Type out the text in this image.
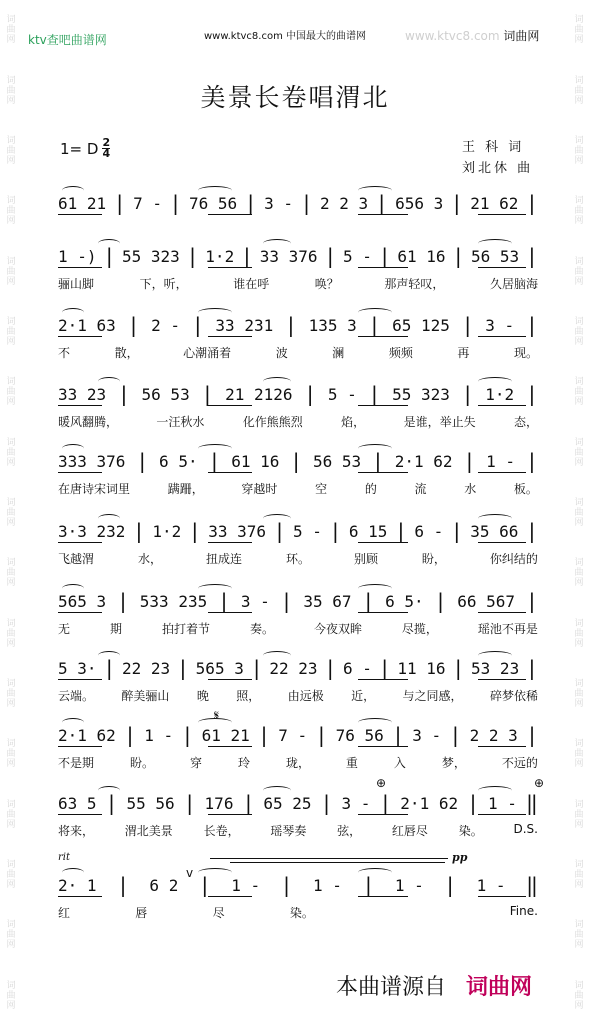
词
曲
网
词
曲
网
词
曲
网
词
曲
网
词
曲
网
词
曲
网
词
曲
网
词
曲
网
词
曲
网
词
曲
网
词
曲
网
词
曲
网
词
曲
网
词
曲
网
词
曲
网
词
曲
网
词
曲
网
词
曲
网
词
曲
网
词
曲
网
词
曲
网
词
曲
网
词
曲
网
词
曲
网
词
曲
网
词
曲
网
词
曲
网
词
曲
网
词
曲
网
词
曲
网
词
曲
网
词
曲
网
词
曲
网
词
曲
网
ktv查吧曲谱网	www.ktvc8.com 中国最大的曲谱网	www.ktvc8.com 词曲网
美景长卷唱渭北
1= D $\frac{2}{4}$	王 科 词
刘北休 曲
61 21 | 7 - | 76 56 | 3 - | 2 2 3 | 656 3 | 21 62 |
1 -) | 55 323 | 1·2 | 33 376 | 5 - | 61 16 | 56 53 |
骊山脚	下，听，	谁在呼	唤？	那声轻叹，	久居脑海
2·1 63 | 2 - | 33 231 | 135 3 | 65 125 | 3 - |
不	散，	心潮涌着	波	澜	频频	再	现。
33 23 | 56 53 | 21 2126 | 5 - | 55 323 | 1·2 |
暖风翻腾，	一汪秋水	化作熊熊烈	焰，	是谁，举止失	态，
333 376 | 6 5· | 61 16 | 56 53 | 2·1 62 | 1 - |
在唐诗宋词里	蹒跚，	穿越时	空	的	流	水	板。
3·3 232 | 1·2 | 33 376 | 5 - | 6 15 | 6 - | 35 66 |
飞越渭	水，	扭成连	环。	别顾	盼，	你纠结的
565 3 | 533 235 | 3 - | 35 67 | 6 5· | 66 567 |
无	期	拍打着节	奏。	今夜双眸	尽揽，	瑶池不再是
5 3· | 22 23 | 565 3 | 22 23 | 6 - | 11 16 | 53 23 |
云端。 醉美骊山 晚 照， 由远极 近， 与之同感， 碎梦依稀
2·1 62 | 1 - | 61 21 | 7 - | 76 56 | 3 - | 2 2 3 |
不是期	盼。	穿	玲	珑，	重	入	梦，	不远的
63 5 | 55 56 | 176 | 65 25 | 3 - | 2·1 62 | 1 - ‖
将来，	渭北美景	长卷，	瑶琴奏	弦，	红唇尽	染。	D.S.
2· 1 | 6 2 | 1 - | 1 - | 1 - | 1 - ‖
红	唇	尽	染。	Fine.
rit	pp
本曲谱源自 词曲网
𝄋
⊕	⊕
v
